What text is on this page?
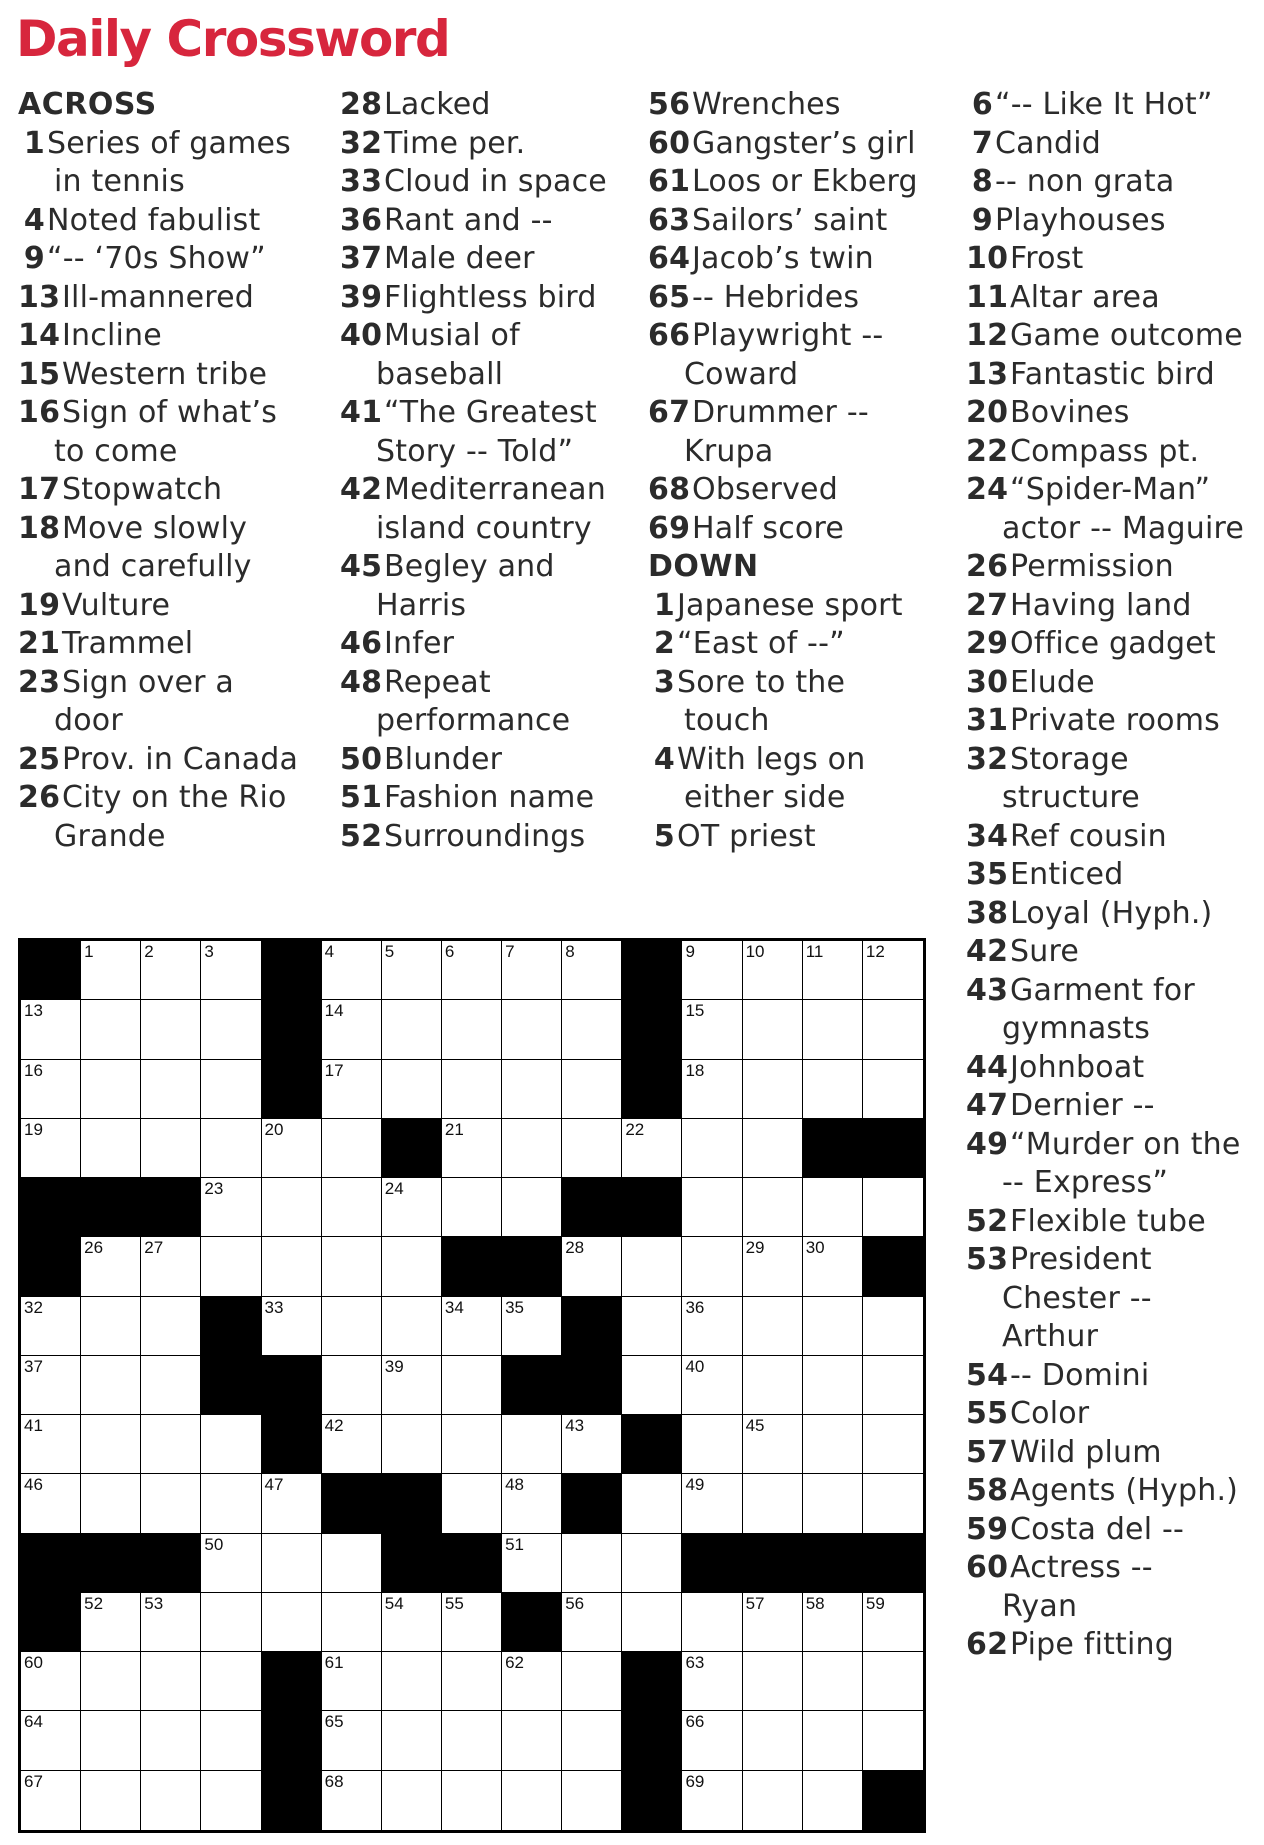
Daily Crossword
ACROSS
1 Series of games
in tennis
4 Noted fabulist
9 “-- ‘70s Show”
13 Ill-mannered
14 Incline
15 Western tribe
16 Sign of what’s
to come
17 Stopwatch
18 Move slowly
and carefully
19 Vulture
21 Trammel
23 Sign over a
door
25 Prov. in Canada
26 City on the Rio
Grande
28 Lacked
32 Time per.
33 Cloud in space
36 Rant and --
37 Male deer
39 Flightless bird
40 Musial of
baseball
41 “The Greatest
Story -- Told”
42 Mediterranean
island country
45 Begley and
Harris
46 Infer
48 Repeat
performance
50 Blunder
51 Fashion name
52 Surroundings
56 Wrenches
60 Gangster’s girl
61 Loos or Ekberg
63 Sailors’ saint
64 Jacob’s twin
65 -- Hebrides
66 Playwright --
Coward
67 Drummer --
Krupa
68 Observed
69 Half score
DOWN
1 Japanese sport
2 “East of --”
3 Sore to the
touch
4 With legs on
either side
5 OT priest
6 “-- Like It Hot”
7 Candid
8 -- non grata
9 Playhouses
10 Frost
11 Altar area
12 Game outcome
13 Fantastic bird
20 Bovines
22 Compass pt.
24 “Spider-Man”
actor -- Maguire
26 Permission
27 Having land
29 Office gadget
30 Elude
31 Private rooms
32 Storage
structure
34 Ref cousin
35 Enticed
38 Loyal (Hyph.)
42 Sure
43 Garment for
gymnasts
44 Johnboat
47 Dernier --
49 “Murder on the
-- Express”
52 Flexible tube
53 President
Chester --
Arthur
54 -- Domini
55 Color
57 Wild plum
58 Agents (Hyph.)
59 Costa del --
60 Actress --
Ryan
62 Pipe fitting
1	2	3	4	5	6	7	8	9	10 11 12
13	14	15
16	17	18
19	20	21	22
23	24
26 27	28	29 30
32	33	34 35	36
37	39	40
41	42	43	45
46	47	48	49
50	51
52 53	54 55	56	57 58 59
60	61	62	63
64	65	66
67	68	69
